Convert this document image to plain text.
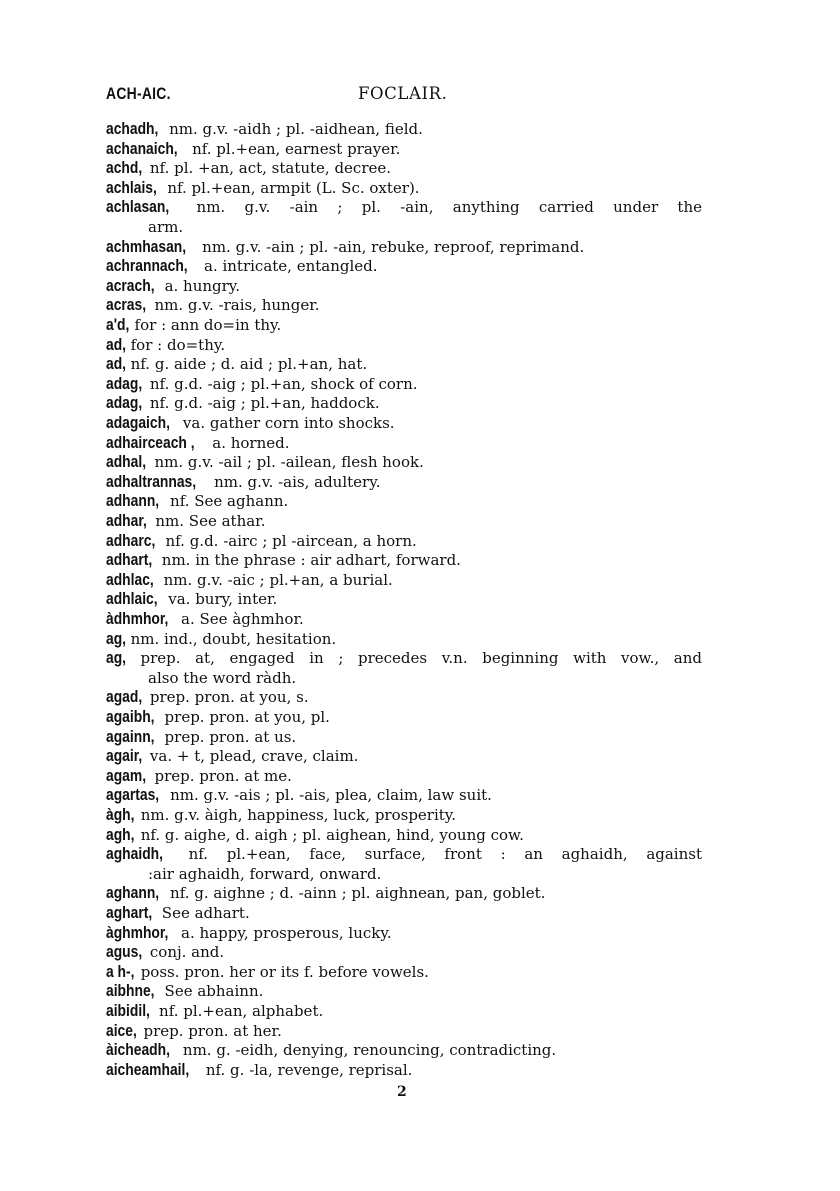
ACH-AIC.	FOCLAIR.
achadh, nm. g.v. -aidh ; pl. -aidhean, field.
achanaich, nf. pl.+ean, earnest prayer.
achd, nf. pl. +an, act, statute, decree.
achlais, nf. pl.+ean, armpit (L. Sc. oxter).
achlasan, nm. g.v. -ain ; pl. -ain, anything carried under the
arm.
achmhasan, nm. g.v. -ain ; pl. -ain, rebuke, reproof, reprimand.
achrannach, a. intricate, entangled.
acrach, a. hungry.
acras, nm. g.v. -rais, hunger.
a'd, for : ann do=in thy.
ad, for : do=thy.
ad, nf. g. aide ; d. aid ; pl.+an, hat.
adag, nf. g.d. -aig ; pl.+an, shock of corn.
adag, nf. g.d. -aig ; pl.+an, haddock.
adagaich, va. gather corn into shocks.
adhairceach , a. horned.
adhal, nm. g.v. -ail ; pl. -ailean, flesh hook.
adhaltrannas, nm. g.v. -ais, adultery.
adhann, nf. See aghann.
adhar, nm. See athar.
adharc, nf. g.d. -airc ; pl -aircean, a horn.
adhart, nm. in the phrase : air adhart, forward.
adhlac, nm. g.v. -aic ; pl.+an, a burial.
adhlaic, va. bury, inter.
àdhmhor, a. See àghmhor.
ag, nm. ind., doubt, hesitation.
ag, prep. at, engaged in ; precedes v.n. beginning with vow., and
also the word ràdh.
agad, prep. pron. at you, s.
agaibh, prep. pron. at you, pl.
againn, prep. pron. at us.
agair, va. + t, plead, crave, claim.
agam, prep. pron. at me.
agartas, nm. g.v. -ais ; pl. -ais, plea, claim, law suit.
àgh, nm. g.v. àigh, happiness, luck, prosperity.
agh, nf. g. aighe, d. aigh ; pl. aighean, hind, young cow.
aghaidh, nf. pl.+ean, face, surface, front : an aghaidh, against
:air aghaidh, forward, onward.
aghann, nf. g. aighne ; d. -ainn ; pl. aighnean, pan, goblet.
aghart, See adhart.
àghmhor, a. happy, prosperous, lucky.
agus, conj. and.
a h-, poss. pron. her or its f. before vowels.
aibhne, See abhainn.
aibidil, nf. pl.+ean, alphabet.
aice, prep. pron. at her.
àicheadh, nm. g. -eidh, denying, renouncing, contradicting.
aicheamhail, nf. g. -la, revenge, reprisal.
2
